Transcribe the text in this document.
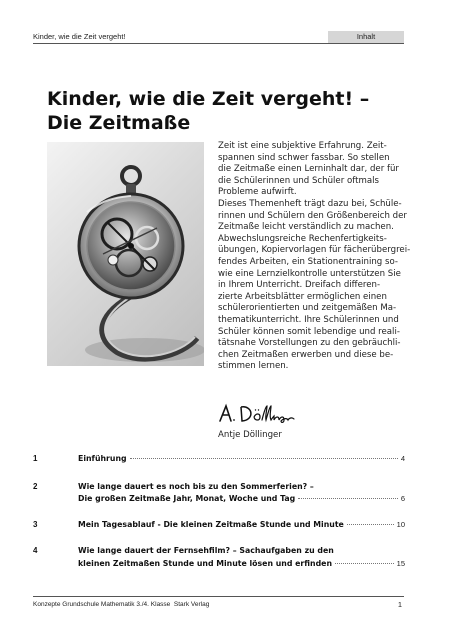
Kinder, wie die Zeit vergeht!	Inhalt
Kinder, wie die Zeit vergeht! –
Die Zeitmaße

Zeit ist eine subjektive Erfahrung. Zeit-

spannen sind schwer fassbar. So stellen

die Zeitmaße einen Lerninhalt dar, der für

die Schülerinnen und Schüler oftmals

Probleme aufwirft.

Dieses Themenheft trägt dazu bei, Schüle-

rinnen und Schülern den Größenbereich der

Zeitmaße leicht verständlich zu machen.

Abwechslungsreiche Rechenfertigkeits-

übungen, Kopiervorlagen für fächerübergrei-

fendes Arbeiten, ein Stationentraining so-

wie eine Lernzielkontrolle unterstützen Sie

in Ihrem Unterricht. Dreifach differen-

zierte Arbeitsblätter ermöglichen einen

schülerorientierten und zeitgemäßen Ma-

thematikunterricht. Ihre Schülerinnen und

Schüler können somit lebendige und reali-

tätsnahe Vorstellungen zu den gebräuchli-

chen Zeitmaßen erwerben und diese be-

stimmen lernen.

Antje Döllinger
1	Einführung	4
2	Wie lange dauert es noch bis zu den Sommerferien? –
Die großen Zeitmaße Jahr, Monat, Woche und Tag	6
3	Mein Tagesablauf - Die kleinen Zeitmaße Stunde und Minute	10
4	Wie lange dauert der Fernsehfilm? – Sachaufgaben zu den
kleinen Zeitmaßen Stunde und Minute lösen und erfinden	15
Konzepte Grundschule Mathematik 3./4. Klasse  Stark Verlag	1
